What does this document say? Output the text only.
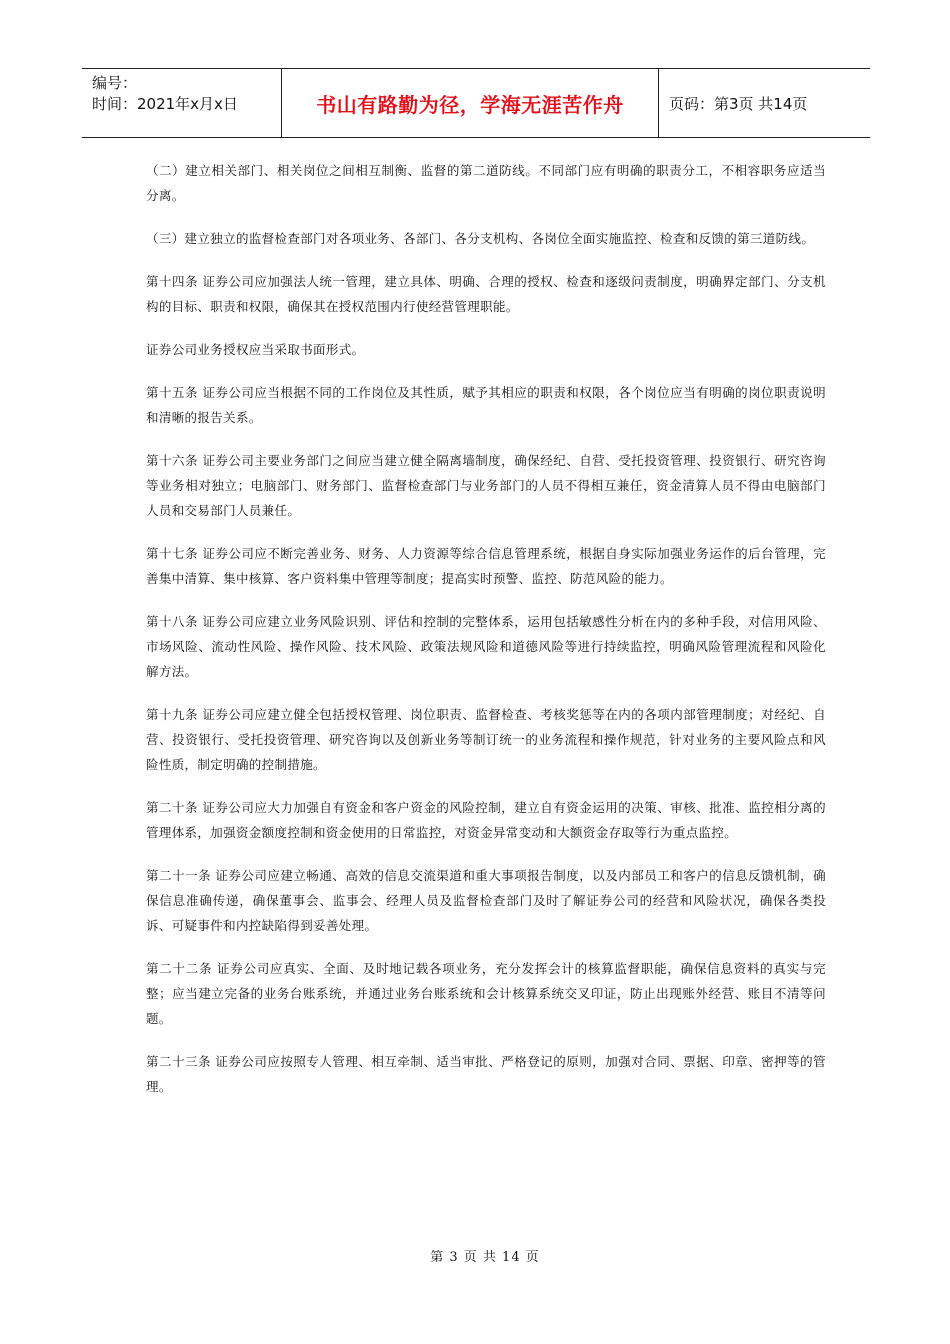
编号：
时间：2021年x月x日	书山有路勤为径，学海无涯苦作舟	页码：第3页 共14页

（二）建立相关部门、相关岗位之间相互制衡、监督的第二道防线。不同部门应有明确的职责分工，不相容职务应适当分离。

（三）建立独立的监督检查部门对各项业务、各部门、各分支机构、各岗位全面实施监控、检查和反馈的第三道防线。

第十四条 证券公司应加强法人统一管理，建立具体、明确、合理的授权、检查和逐级问责制度，明确界定部门、分支机构的目标、职责和权限，确保其在授权范围内行使经营管理职能。

证券公司业务授权应当采取书面形式。

第十五条 证券公司应当根据不同的工作岗位及其性质，赋予其相应的职责和权限，各个岗位应当有明确的岗位职责说明和清晰的报告关系。

第十六条 证券公司主要业务部门之间应当建立健全隔离墙制度，确保经纪、自营、受托投资管理、投资银行、研究咨询等业务相对独立；电脑部门、财务部门、监督检查部门与业务部门的人员不得相互兼任，资金清算人员不得由电脑部门人员和交易部门人员兼任。

第十七条 证券公司应不断完善业务、财务、人力资源等综合信息管理系统，根据自身实际加强业务运作的后台管理，完善集中清算、集中核算、客户资料集中管理等制度；提高实时预警、监控、防范风险的能力。

第十八条 证券公司应建立业务风险识别、评估和控制的完整体系，运用包括敏感性分析在内的多种手段，对信用风险、市场风险、流动性风险、操作风险、技术风险、政策法规风险和道德风险等进行持续监控，明确风险管理流程和风险化解方法。

第十九条 证券公司应建立健全包括授权管理、岗位职责、监督检查、考核奖惩等在内的各项内部管理制度；对经纪、自营、投资银行、受托投资管理、研究咨询以及创新业务等制订统一的业务流程和操作规范，针对业务的主要风险点和风险性质，制定明确的控制措施。

第二十条 证券公司应大力加强自有资金和客户资金的风险控制，建立自有资金运用的决策、审核、批准、监控相分离的管理体系，加强资金额度控制和资金使用的日常监控，对资金异常变动和大额资金存取等行为重点监控。

第二十一条 证券公司应建立畅通、高效的信息交流渠道和重大事项报告制度，以及内部员工和客户的信息反馈机制，确保信息准确传递，确保董事会、监事会、经理人员及监督检查部门及时了解证券公司的经营和风险状况，确保各类投诉、可疑事件和内控缺陷得到妥善处理。

第二十二条 证券公司应真实、全面、及时地记载各项业务，充分发挥会计的核算监督职能，确保信息资料的真实与完整；应当建立完备的业务台账系统，并通过业务台账系统和会计核算系统交叉印证，防止出现账外经营、账目不清等问题。

第二十三条 证券公司应按照专人管理、相互牵制、适当审批、严格登记的原则，加强对合同、票据、印章、密押等的管理。

第 3 页 共 14 页
